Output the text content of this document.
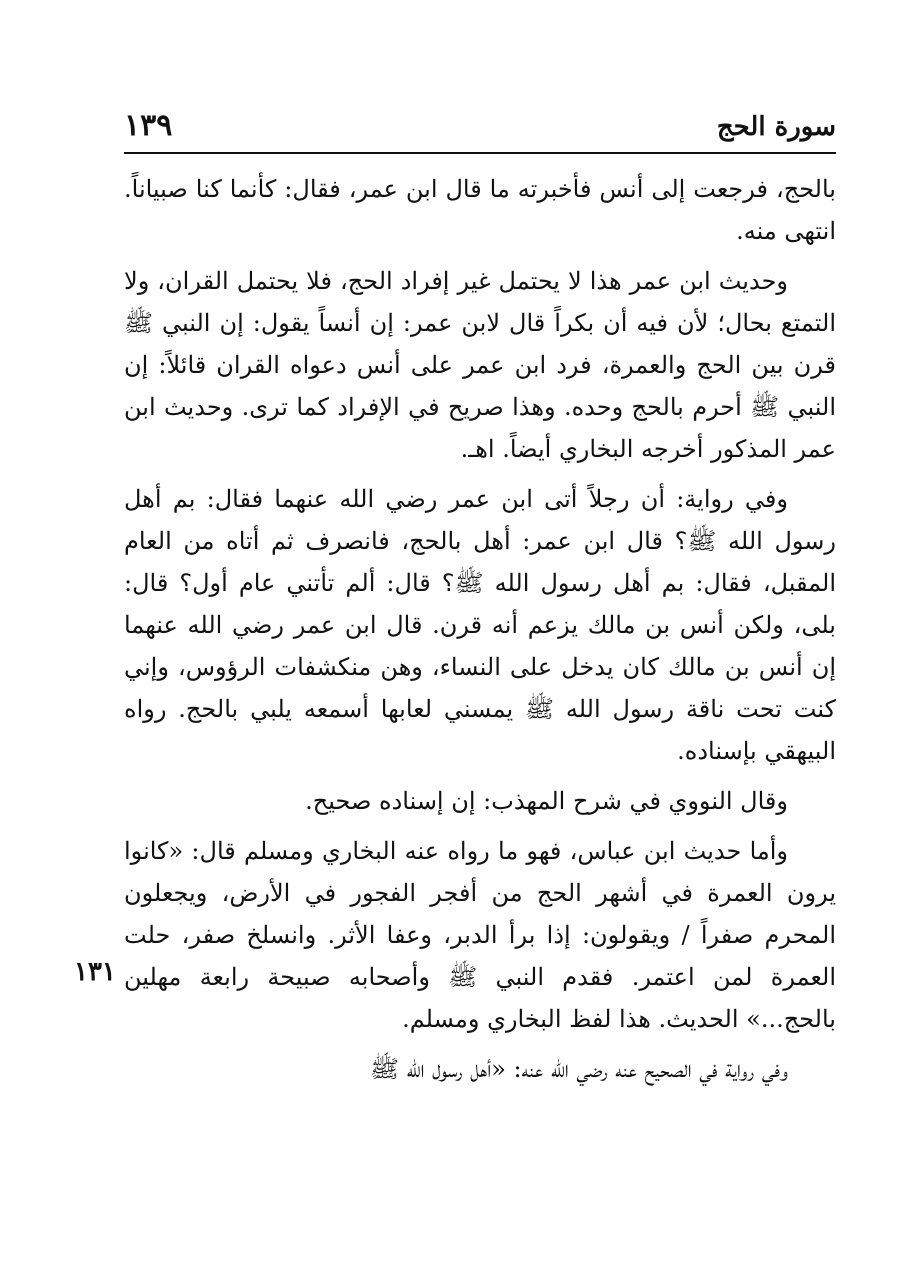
سورة الحج
١٣٩

بالحج، فرجعت إلى أنس فأخبرته ما قال ابن عمر، فقال: كأنما كنا صبياناً. انتهى منه.

وحديث ابن عمر هذا لا يحتمل غير إفراد الحج، فلا يحتمل القران، ولا التمتع بحال؛ لأن فيه أن بكراً قال لابن عمر: إن أنساً يقول: إن النبي ﷺ قرن بين الحج والعمرة، فرد ابن عمر على أنس دعواه القران قائلاً: إن النبي ﷺ أحرم بالحج وحده. وهذا صريح في الإفراد كما ترى. وحديث ابن عمر المذكور أخرجه البخاري أيضاً. اهـ.

وفي رواية: أن رجلاً أتى ابن عمر رضي الله عنهما فقال: بم أهل رسول الله ﷺ؟ قال ابن عمر: أهل بالحج، فانصرف ثم أتاه من العام المقبل، فقال: بم أهل رسول الله ﷺ؟ قال: ألم تأتني عام أول؟ قال: بلى، ولكن أنس بن مالك يزعم أنه قرن. قال ابن عمر رضي الله عنهما إن أنس بن مالك كان يدخل على النساء، وهن منكشفات الرؤوس، وإني كنت تحت ناقة رسول الله ﷺ يمسني لعابها أسمعه يلبي بالحج. رواه البيهقي بإسناده.

وقال النووي في شرح المهذب: إن إسناده صحيح.

وأما حديث ابن عباس، فهو ما رواه عنه البخاري ومسلم قال: «كانوا يرون العمرة في أشهر الحج من أفجر الفجور في الأرض، ويجعلون المحرم صفراً / ويقولون: إذا برأ الدبر، وعفا الأثر. وانسلخ صفر، حلت العمرة لمن اعتمر. فقدم النبي ﷺ وأصحابه صبيحة رابعة مهلين بالحج...» الحديث. هذا لفظ البخاري ومسلم.

وفي رواية في الصحيح عنه رضي الله عنه: «أهل رسول الله ﷺ

١٣١
